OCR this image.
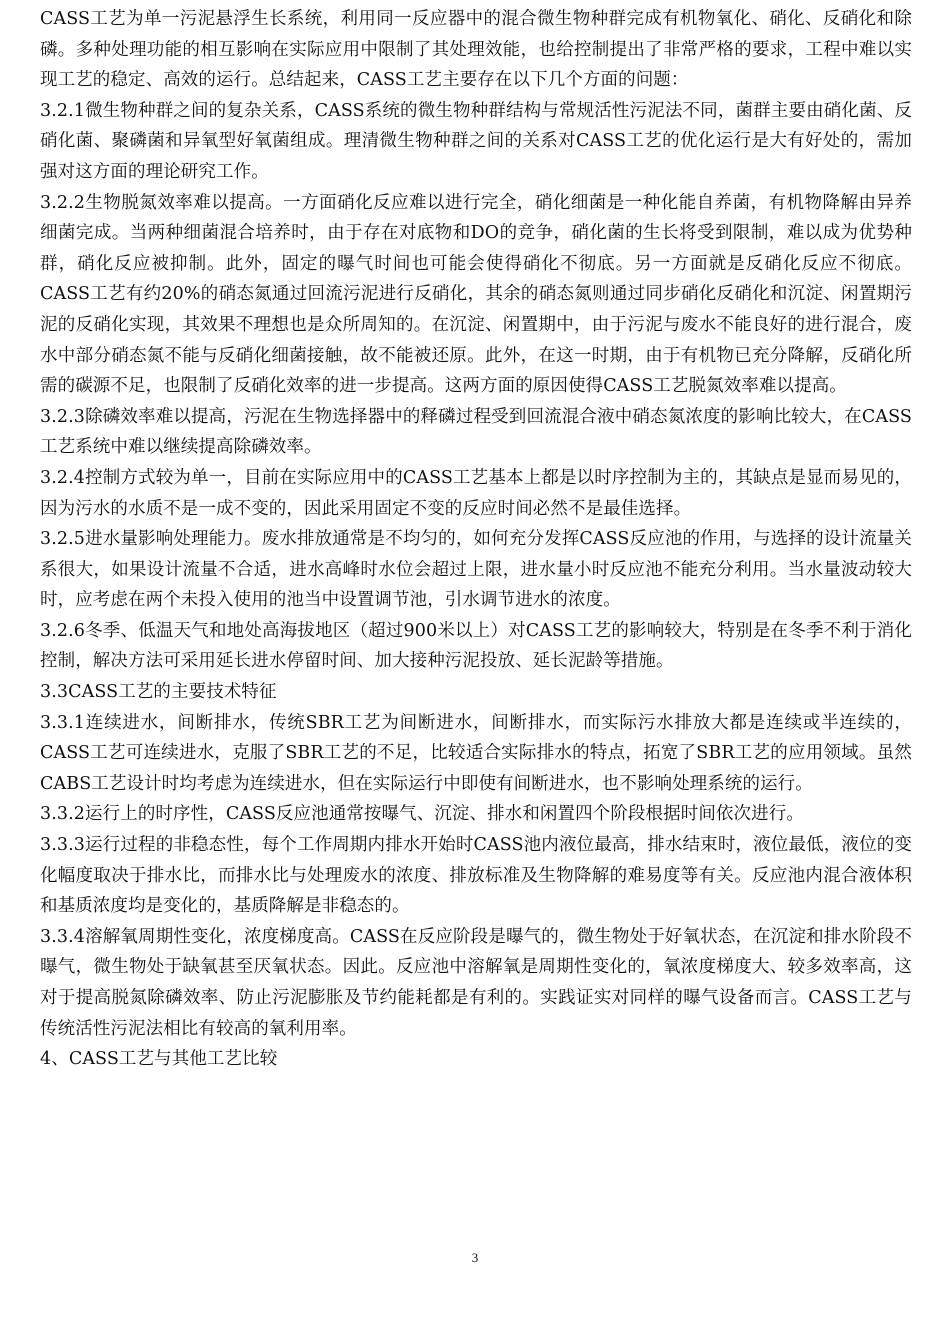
CASS工艺为单一污泥悬浮生长系统，利用同一反应器中的混合微生物种群完成有机物氧化、硝化、反硝化和除磷。多种处理功能的相互影响在实际应用中限制了其处理效能，也给控制提出了非常严格的要求，工程中难以实现工艺的稳定、高效的运行。总结起来，CASS工艺主要存在以下几个方面的问题：

3.2.1微生物种群之间的复杂关系，CASS系统的微生物种群结构与常规活性污泥法不同，菌群主要由硝化菌、反硝化菌、聚磷菌和异氧型好氧菌组成。理清微生物种群之间的关系对CASS工艺的优化运行是大有好处的，需加强对这方面的理论研究工作。

3.2.2生物脱氮效率难以提高。一方面硝化反应难以进行完全，硝化细菌是一种化能自养菌，有机物降解由异养细菌完成。当两种细菌混合培养时，由于存在对底物和DO的竞争，硝化菌的生长将受到限制，难以成为优势种群，硝化反应被抑制。此外，固定的曝气时间也可能会使得硝化不彻底。另一方面就是反硝化反应不彻底。CASS工艺有约20%的硝态氮通过回流污泥进行反硝化，其余的硝态氮则通过同步硝化反硝化和沉淀、闲置期污泥的反硝化实现，其效果不理想也是众所周知的。在沉淀、闲置期中，由于污泥与废水不能良好的进行混合，废水中部分硝态氮不能与反硝化细菌接触，故不能被还原。此外，在这一时期，由于有机物已充分降解，反硝化所需的碳源不足，也限制了反硝化效率的进一步提高。这两方面的原因使得CASS工艺脱氮效率难以提高。

3.2.3除磷效率难以提高，污泥在生物选择器中的释磷过程受到回流混合液中硝态氮浓度的影响比较大，在CASS工艺系统中难以继续提高除磷效率。

3.2.4控制方式较为单一，目前在实际应用中的CASS工艺基本上都是以时序控制为主的，其缺点是显而易见的，因为污水的水质不是一成不变的，因此采用固定不变的反应时间必然不是最佳选择。

3.2.5进水量影响处理能力。废水排放通常是不均匀的，如何充分发挥CASS反应池的作用，与选择的设计流量关系很大，如果设计流量不合适，进水高峰时水位会超过上限，进水量小时反应池不能充分利用。当水量波动较大时，应考虑在两个未投入使用的池当中设置调节池，引水调节进水的浓度。

3.2.6冬季、低温天气和地处高海拔地区（超过900米以上）对CASS工艺的影响较大，特别是在冬季不利于消化控制，解决方法可采用延长进水停留时间、加大接种污泥投放、延长泥龄等措施。

3.3CASS工艺的主要技术特征

3.3.1连续进水，间断排水，传统SBR工艺为间断进水，间断排水，而实际污水排放大都是连续或半连续的，CASS工艺可连续进水，克服了SBR工艺的不足，比较适合实际排水的特点，拓宽了SBR工艺的应用领域。虽然CABS工艺设计时均考虑为连续进水，但在实际运行中即使有间断进水，也不影响处理系统的运行。

3.3.2运行上的时序性，CASS反应池通常按曝气、沉淀、排水和闲置四个阶段根据时间依次进行。

3.3.3运行过程的非稳态性，每个工作周期内排水开始时CASS池内液位最高，排水结束时，液位最低，液位的变化幅度取决于排水比，而排水比与处理废水的浓度、排放标准及生物降解的难易度等有关。反应池内混合液体积和基质浓度均是变化的，基质降解是非稳态的。

3.3.4溶解氧周期性变化，浓度梯度高。CASS在反应阶段是曝气的，微生物处于好氧状态，在沉淀和排水阶段不曝气，微生物处于缺氧甚至厌氧状态。因此。反应池中溶解氧是周期性变化的，氧浓度梯度大、较多效率高，这对于提高脱氮除磷效率、防止污泥膨胀及节约能耗都是有利的。实践证实对同样的曝气设备而言。CASS工艺与传统活性污泥法相比有较高的氧利用率。

4、CASS工艺与其他工艺比较

3
